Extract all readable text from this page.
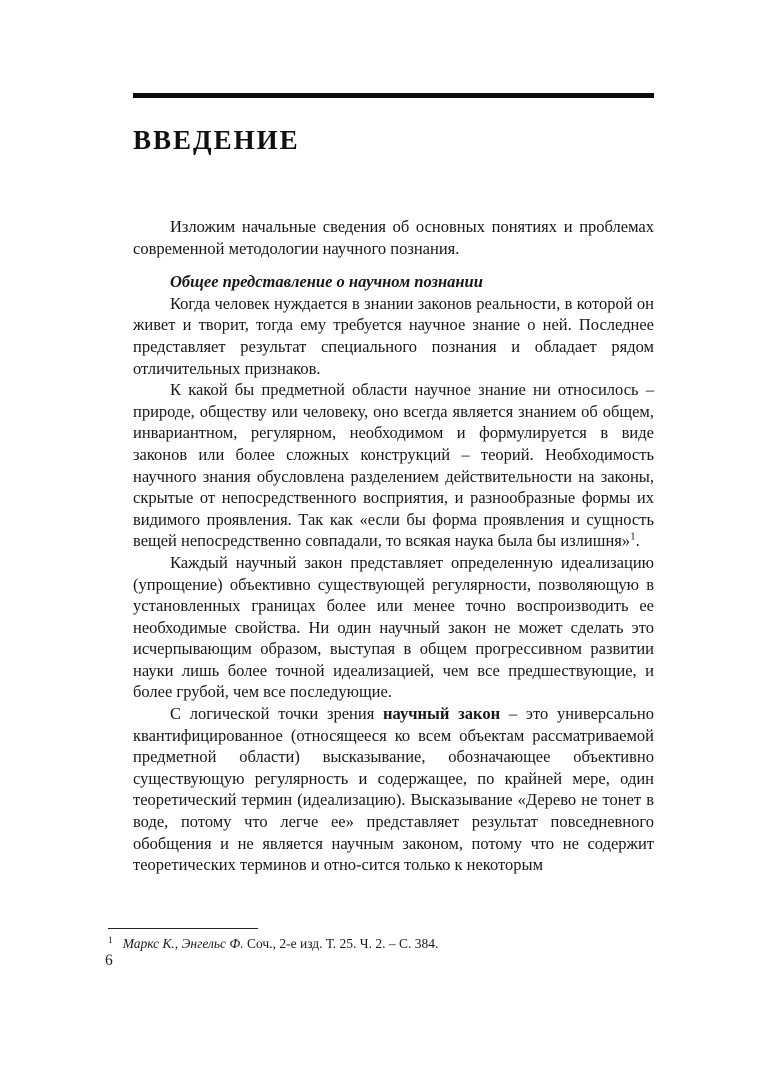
ВВЕДЕНИЕ

Изложим начальные сведения об основных понятиях и проблемах современной методологии научного познания.

Общее представление о научном познании

Когда человек нуждается в знании законов реальности, в которой он живет и творит, тогда ему требуется научное знание о ней. Последнее представляет результат специального познания и обладает рядом отличительных признаков.

К какой бы предметной области научное знание ни относилось – природе, обществу или человеку, оно всегда является знанием об общем, инвариантном, регулярном, необходимом и формулируется в виде законов или более сложных конструкций – теорий. Необходимость научного знания обусловлена разделением действительности на законы, скрытые от непосредственного восприятия, и разнообразные формы их видимого проявления. Так как «если бы форма проявления и сущность вещей непосредственно совпадали, то всякая наука была бы излишня»$^1$.

Каждый научный закон представляет определенную идеализацию (упрощение) объективно существующей регулярности, позволяющую в установленных границах более или менее точно воспроизводить ее необходимые свойства. Ни один научный закон не может сделать это исчерпывающим образом, выступая в общем прогрессивном развитии науки лишь более точной идеализацией, чем все предшествующие, и более грубой, чем все последующие.

С логической точки зрения научный закон – это универсально квантифицированное (относящееся ко всем объектам рассматриваемой предметной области) высказывание, обозначающее объективно существующую регулярность и содержащее, по крайней мере, один теоретический термин (идеализацию). Высказывание «Дерево не тонет в воде, потому что легче ее» представляет результат повседневного обобщения и не является научным законом, потому что не содержит теоретических терминов и отно-сится только к некоторым

$^1$ Маркс К., Энгельс Ф. Соч., 2-е изд. Т. 25. Ч. 2. – С. 384.
6
